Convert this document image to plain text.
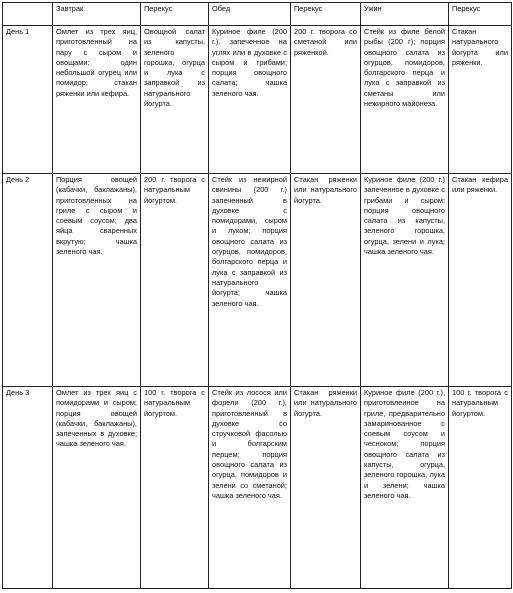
	Завтрак	Перекус	Обед	Перекус	Ужин	Перекус
День 1	Омлет из трех яиц, приготовленный на пару с сыром и овощами; один небольшой огурец или помидор; стакан ряженки или кефира.	Овощной салат из капусты, зеленого горошка, огурца и лука с заправкой из натурального йогурта.	Куриное филе (200 г.), запеченное на углях или в духовке с сыром и грибами; порция овощного салата; чашка зеленого чая.	200 г. творога со сметаной или ряженкой.	Стейк из филе белой рыбы (200 г); порция овощного салата из огурцов, помидоров, болгарского перца и лука с заправкой из сметаны или нежирного майонеза.	Стакан натурального йогурта или ряженки.
День 2	Порция овощей (кабачки, баклажаны), приготовленных на гриле с сыром и соевым соусом; два яйца сваренных вкрутую; чашка зеленого чая.	200 г. творога с натуральным йогуртом.	Стейк из нежирной свинины (200 г.) запеченный в духовке с помидорами, сыром и луком; порция овощного салата из огурцов, помидоров, болгарского перца и лука с заправкой из натурального йогурта; чашка зеленого чая.	Стакан ряженки или натурального йогурта.	Куриное филе (200 г.) запеченное в духовке с грибами и сыром; порция овощного салата из капусты, зеленого горошка, огурца, зелени и лука; чашка зеленого чая.	Стакан кефира или ряженки.
День 3	Омлет из трех яиц с помидорами и сыром; порция овощей (кабачки, баклажаны), запеченных в духовке; чашка зеленого чая.	100 г. творога с натуральным йогуртом.	Стейк из лосося или форели (200 г.), приготовленный в духовке со стручковой фасолью и болгарским перцем; порция овощного салата из огурца, помидоров и зелени со сметаной; чашка зеленого чая.	Стакан ряженки или натурального йогурта.	Куриное филе (200 г.), приготовленное на гриле, предварительно замаринованное с соевым соусом и чесноком; порция овощного салата из капусты, огурца, зеленого горошка, лука и зелени; чашка зеленого чая.	100 г. творога с натуральным йогуртом.
